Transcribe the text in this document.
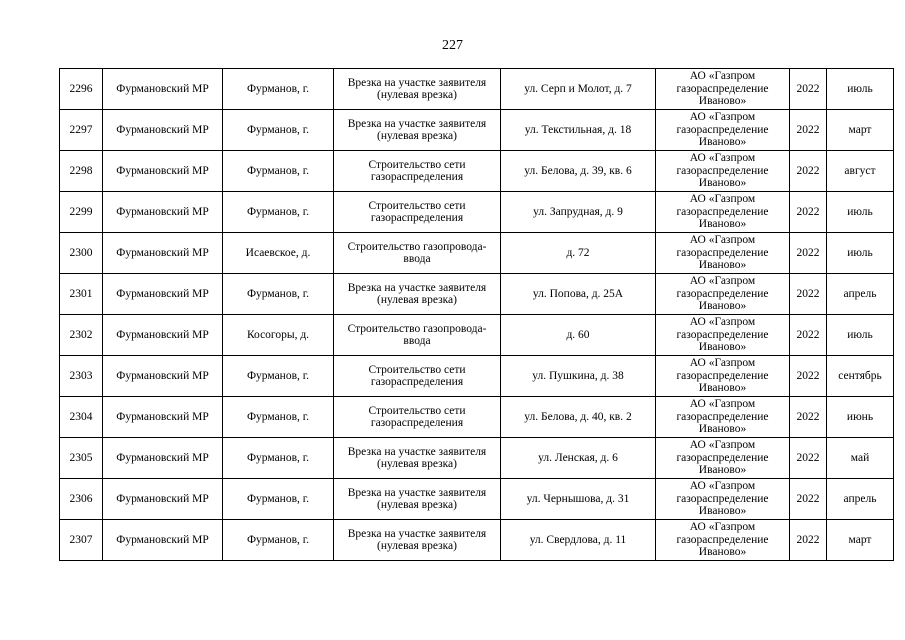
227
2296	Фурмановский МР	Фурманов, г.	Врезка на участке заявителя
(нулевая врезка)	ул. Серп и Молот, д. 7	АО «Газпром
газораспределение
Иваново»	2022	июль
2297	Фурмановский МР	Фурманов, г.	Врезка на участке заявителя
(нулевая врезка)	ул. Текстильная, д. 18	АО «Газпром
газораспределение
Иваново»	2022	март
2298	Фурмановский МР	Фурманов, г.	Строительство сети
газораспределения	ул. Белова, д. 39, кв. 6	АО «Газпром
газораспределение
Иваново»	2022	август
2299	Фурмановский МР	Фурманов, г.	Строительство сети
газораспределения	ул. Запрудная, д. 9	АО «Газпром
газораспределение
Иваново»	2022	июль
2300	Фурмановский МР	Исаевское, д.	Строительство газопровода-
ввода	д. 72	АО «Газпром
газораспределение
Иваново»	2022	июль
2301	Фурмановский МР	Фурманов, г.	Врезка на участке заявителя
(нулевая врезка)	ул. Попова, д. 25А	АО «Газпром
газораспределение
Иваново»	2022	апрель
2302	Фурмановский МР	Косогоры, д.	Строительство газопровода-
ввода	д. 60	АО «Газпром
газораспределение
Иваново»	2022	июль
2303	Фурмановский МР	Фурманов, г.	Строительство сети
газораспределения	ул. Пушкина, д. 38	АО «Газпром
газораспределение
Иваново»	2022	сентябрь
2304	Фурмановский МР	Фурманов, г.	Строительство сети
газораспределения	ул. Белова, д. 40, кв. 2	АО «Газпром
газораспределение
Иваново»	2022	июнь
2305	Фурмановский МР	Фурманов, г.	Врезка на участке заявителя
(нулевая врезка)	ул. Ленская, д. 6	АО «Газпром
газораспределение
Иваново»	2022	май
2306	Фурмановский МР	Фурманов, г.	Врезка на участке заявителя
(нулевая врезка)	ул. Чернышова, д. 31	АО «Газпром
газораспределение
Иваново»	2022	апрель
2307	Фурмановский МР	Фурманов, г.	Врезка на участке заявителя
(нулевая врезка)	ул. Свердлова, д. 11	АО «Газпром
газораспределение
Иваново»	2022	март
